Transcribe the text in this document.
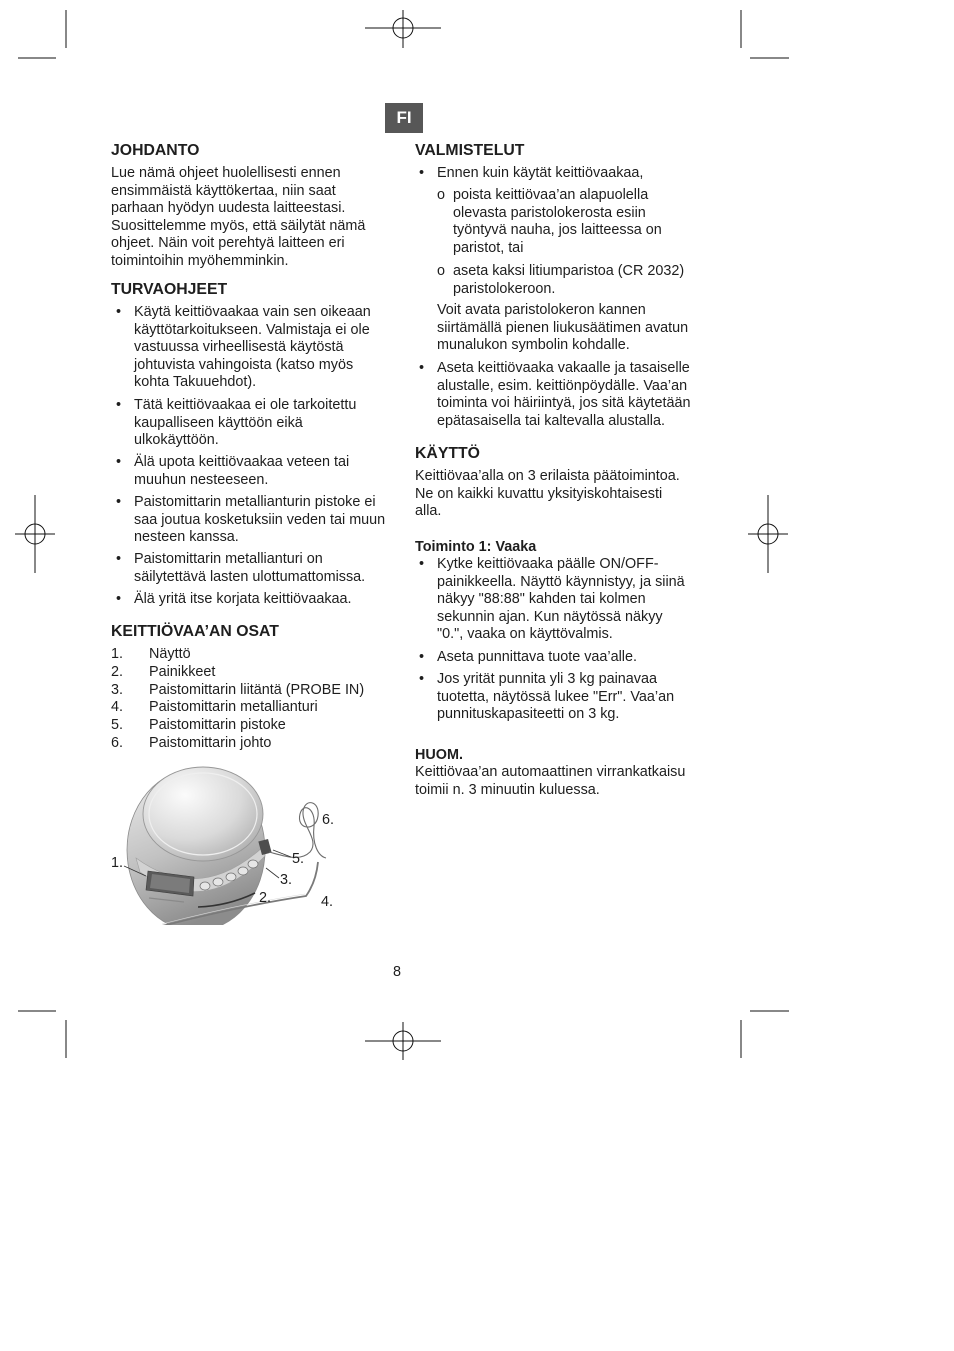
FI
JOHDANTO
Lue nämä ohjeet huolellisesti ennen
ensimmäistä käyttökertaa, niin saat
parhaan hyödyn uudesta laitteestasi.
Suosittelemme myös, että säilytät nämä
ohjeet. Näin voit perehtyä laitteen eri
toimintoihin myöhemminkin.
TURVAOHJEET
• Käytä keittiövaakaa vain sen oikeaan
käyttötarkoitukseen. Valmistaja ei ole
vastuussa virheellisestä käytöstä
johtuvista vahingoista (katso myös
kohta Takuuehdot).
• Tätä keittiövaakaa ei ole tarkoitettu
kaupalliseen käyttöön eikä
ulkokäyttöön.
• Älä upota keittiövaakaa veteen tai
muuhun nesteeseen.
• Paistomittarin metallianturin pistoke ei
saa joutua kosketuksiin veden tai muun
nesteen kanssa.
• Paistomittarin metallianturi on
säilytettävä lasten ulottumattomissa.
• Älä yritä itse korjata keittiövaakaa.
KEITTIÖVAA’AN OSAT

1.

Näyttö

2.

Painikkeet

3.

Paistomittarin liitäntä (PROBE IN)

4.

Paistomittarin metallianturi

5.

Paistomittarin pistoke

6.

Paistomittarin johto

1.
2.
3.
4.
5.
6.
VALMISTELUT
• Ennen kuin käytät keittiövaakaa,
o poista keittiövaa’an alapuolella
olevasta paristolokerosta esiin
työntyvä nauha, jos laitteessa on
paristot, tai
o aseta kaksi litiumparistoa (CR 2032)
paristolokeroon.
Voit avata paristolokeron kannen
siirtämällä pienen liukusäätimen avatun
munalukon symbolin kohdalle.
• Aseta keittiövaaka vakaalle ja tasaiselle
alustalle, esim. keittiönpöydälle. Vaa’an
toiminta voi häiriintyä, jos sitä käytetään
epätasaisella tai kaltevalla alustalla.
KÄYTTÖ
Keittiövaa’alla on 3 erilaista päätoimintoa.
Ne on kaikki kuvattu yksityiskohtaisesti
alla.
Toiminto 1: Vaaka
• Kytke keittiövaaka päälle ON/OFF-
painikkeella. Näyttö käynnistyy, ja siinä
näkyy "88:88" kahden tai kolmen
sekunnin ajan. Kun näytössä näkyy
"0.", vaaka on käyttövalmis.
• Aseta punnittava tuote vaa’alle.
• Jos yrität punnita yli 3 kg painavaa
tuotetta, näytössä lukee "Err". Vaa’an
punnituskapasiteetti on 3 kg.
HUOM.
Keittiövaa’an automaattinen virrankatkaisu
toimii n. 3 minuutin kuluessa.
8
